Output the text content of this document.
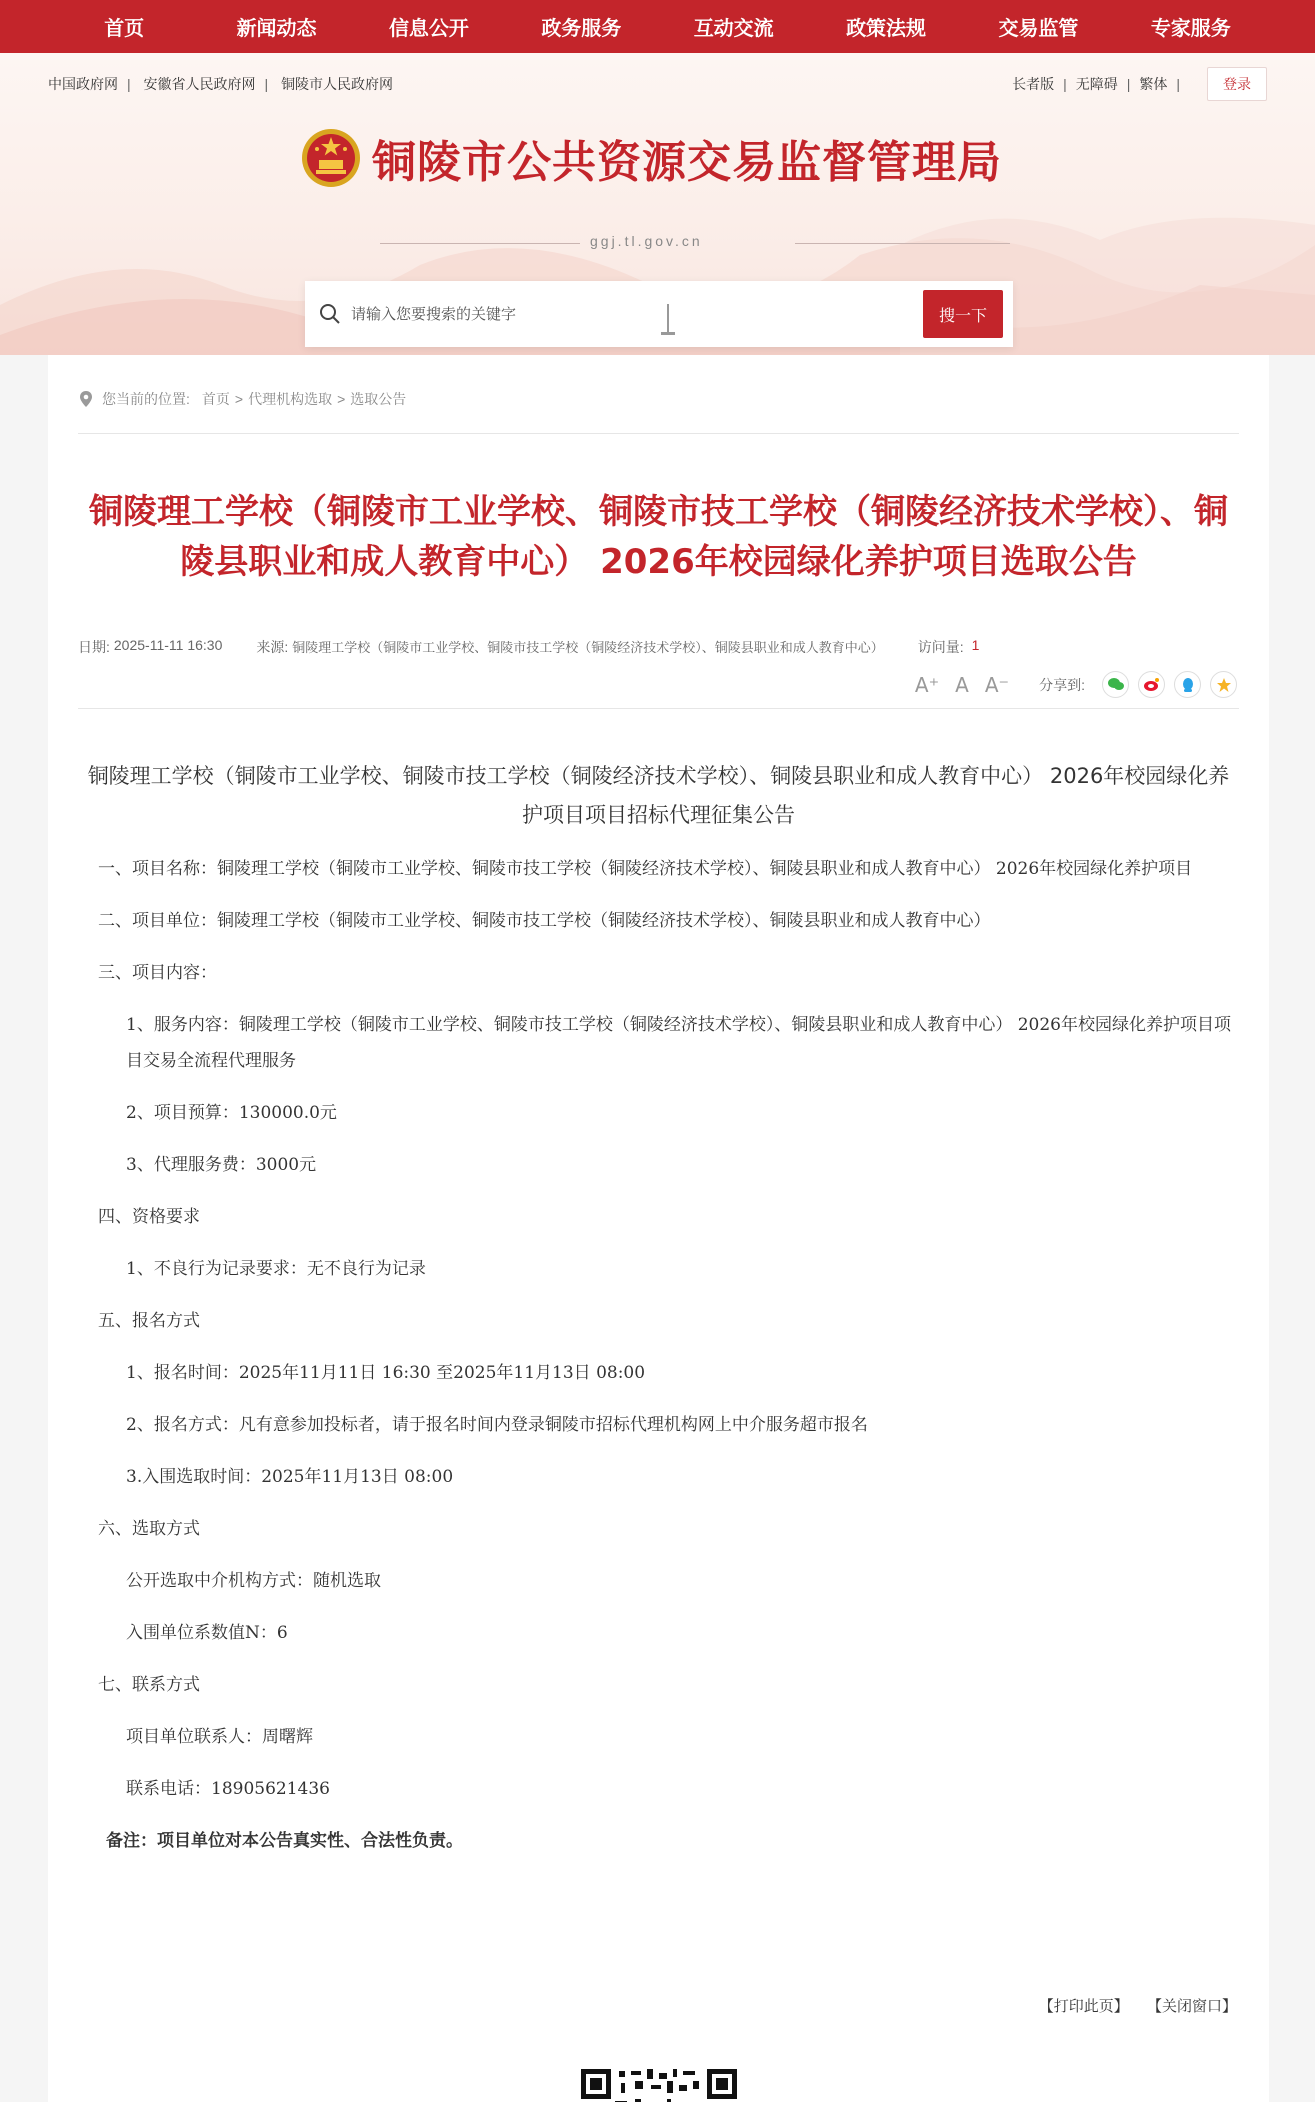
首页	新闻动态	信息公开	政务服务	互动交流	政策法规	交易监管	专家服务
中国政府网 | 安徽省人民政府网 | 铜陵市人民政府网	长者版 | 无障碍 | 繁体 |	登录
铜陵市公共资源交易监督管理局
ggj.tl.gov.cn
请输入您要搜索的关键字
搜一下
您当前的位置: 首页 > 代理机构选取 > 选取公告
铜陵理工学校（铜陵市工业学校、铜陵市技工学校（铜陵经济技术学校）、铜陵县职业和成人教育中心） 2026年校园绿化养护项目选取公告
日期: 2025-11-11 16:30 来源: 铜陵理工学校（铜陵市工业学校、铜陵市技工学校（铜陵经济技术学校）、铜陵县职业和成人教育中心） 访问量: 1
A⁺ A A⁻ 分享到:
铜陵理工学校（铜陵市工业学校、铜陵市技工学校（铜陵经济技术学校）、铜陵县职业和成人教育中心） 2026年校园绿化养护项目项目招标代理征集公告

一、项目名称：铜陵理工学校（铜陵市工业学校、铜陵市技工学校（铜陵经济技术学校）、铜陵县职业和成人教育中心） 2026年校园绿化养护项目

二、项目单位：铜陵理工学校（铜陵市工业学校、铜陵市技工学校（铜陵经济技术学校）、铜陵县职业和成人教育中心）

三、项目内容：

1、服务内容：铜陵理工学校（铜陵市工业学校、铜陵市技工学校（铜陵经济技术学校）、铜陵县职业和成人教育中心） 2026年校园绿化养护项目项目交易全流程代理服务

2、项目预算：130000.0元

3、代理服务费：3000元

四、资格要求

1、不良行为记录要求：无不良行为记录

五、报名方式

1、报名时间：2025年11月11日 16:30 至2025年11月13日 08:00

2、报名方式：凡有意参加投标者，请于报名时间内登录铜陵市招标代理机构网上中介服务超市报名

3.入围选取时间：2025年11月13日 08:00

六、选取方式

公开选取中介机构方式：随机选取

入围单位系数值N：6

七、联系方式

项目单位联系人：周曙辉

联系电话：18905621436

备注：项目单位对本公告真实性、合法性负责。

【打印此页】 【关闭窗口】
